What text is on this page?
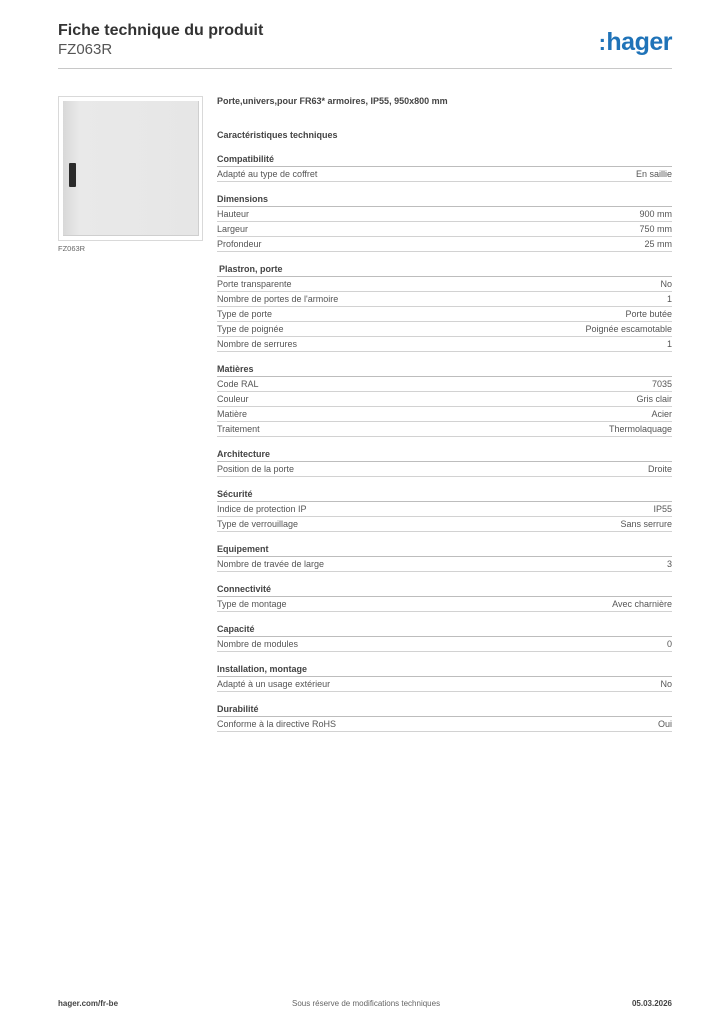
Fiche technique du produit
FZ063R	:hager
FZ063R
Porte,univers,pour FR63* armoires, IP55, 950x800 mm
Caractéristiques techniques
Compatibilité
Adapté au type de coffret	En saillie
Dimensions
Hauteur	900 mm
Largeur	750 mm
Profondeur	25 mm
Plastron, porte
Porte transparente	No
Nombre de portes de l'armoire	1
Type de porte	Porte butée
Type de poignée	Poignée escamotable
Nombre de serrures	1
Matières
Code RAL	7035
Couleur	Gris clair
Matière	Acier
Traitement	Thermolaquage
Architecture
Position de la porte	Droite
Sécurité
Indice de protection IP	IP55
Type de verrouillage	Sans serrure
Equipement
Nombre de travée de large	3
Connectivité
Type de montage	Avec charnière
Capacité
Nombre de modules	0
Installation, montage
Adapté à un usage extérieur	No
Durabilité
Conforme à la directive RoHS	Oui
hager.com/fr-be	Sous réserve de modifications techniques	05.03.2026
